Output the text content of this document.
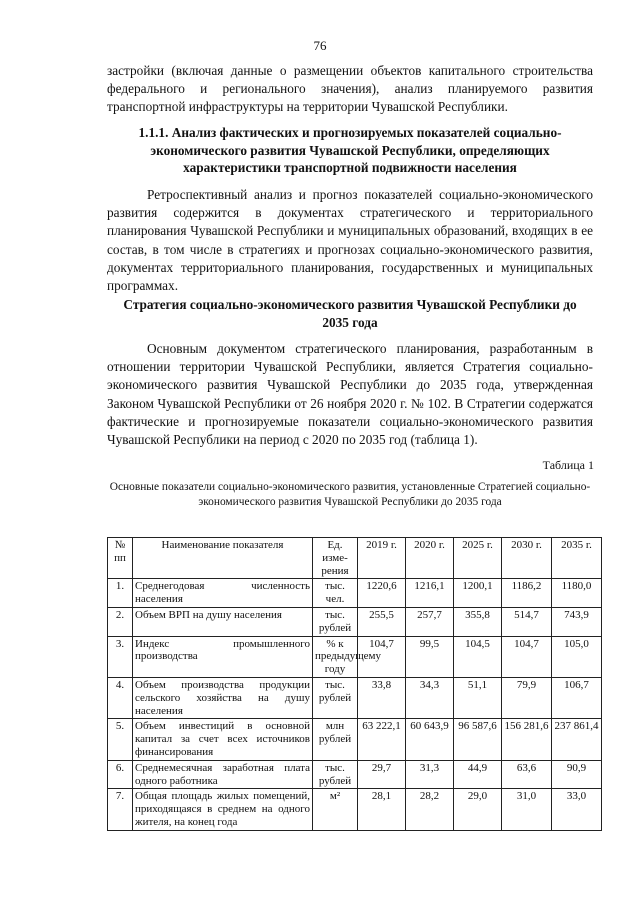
76

застройки (включая данные о размещении объектов капитального строительства федерального и регионального значения), анализ планируемого развития транспортной инфраструктуры на территории Чувашской Республики.

1.1.1. Анализ фактических и прогнозируемых показателей социально-экономического развития Чувашской Республики, определяющих характеристики транспортной подвижности населения

Ретроспективный анализ и прогноз показателей социально-экономического развития содержится в документах стратегического и территориального планирования Чувашской Республики и муниципальных образований, входящих в ее состав, в том числе в стратегиях и прогнозах социально-экономического развития, документах территориального планирования, государственных и муниципальных программах.

Стратегия социально-экономического развития Чувашской Республики до 2035 года

Основным документом стратегического планирования, разработанным в отношении территории Чувашской Республики, является Стратегия социально-экономического развития Чувашской Республики до 2035 года, утвержденная Законом Чувашской Республики от 26 ноября 2020 г. № 102. В Стратегии содержатся фактические и прогнозируемые показатели социально-экономического развития Чувашской Республики на период с 2020 по 2035 год (таблица 1).

Таблица 1

Основные показатели социально-экономического развития, установленные Стратегией социально-экономического развития Чувашской Республики до 2035 года

№ пп	Наименование показателя	Ед. изме-рения	2019 г.	2020 г.	2025 г.	2030 г.	2035 г.
1.	Среднегодовая численность населения	тыс. чел.	1220,6	1216,1	1200,1	1186,2	1180,0
2.	Объем ВРП на душу населения	тыс. рублей	255,5	257,7	355,8	514,7	743,9
3.	Индекс промышленного производства	% к предыдущему году	104,7	99,5	104,5	104,7	105,0
4.	Объем производства продукции сельского хозяйства на душу населения	тыс. рублей	33,8	34,3	51,1	79,9	106,7
5.	Объем инвестиций в основной капитал за счет всех источников финансирования	млн рублей	63 222,1	60 643,9	96 587,6	156 281,6	237 861,4
6.	Среднемесячная заработная плата одного работника	тыс. рублей	29,7	31,3	44,9	63,6	90,9
7.	Общая площадь жилых помещений, приходящаяся в среднем на одного жителя, на конец года	м²	28,1	28,2	29,0	31,0	33,0
